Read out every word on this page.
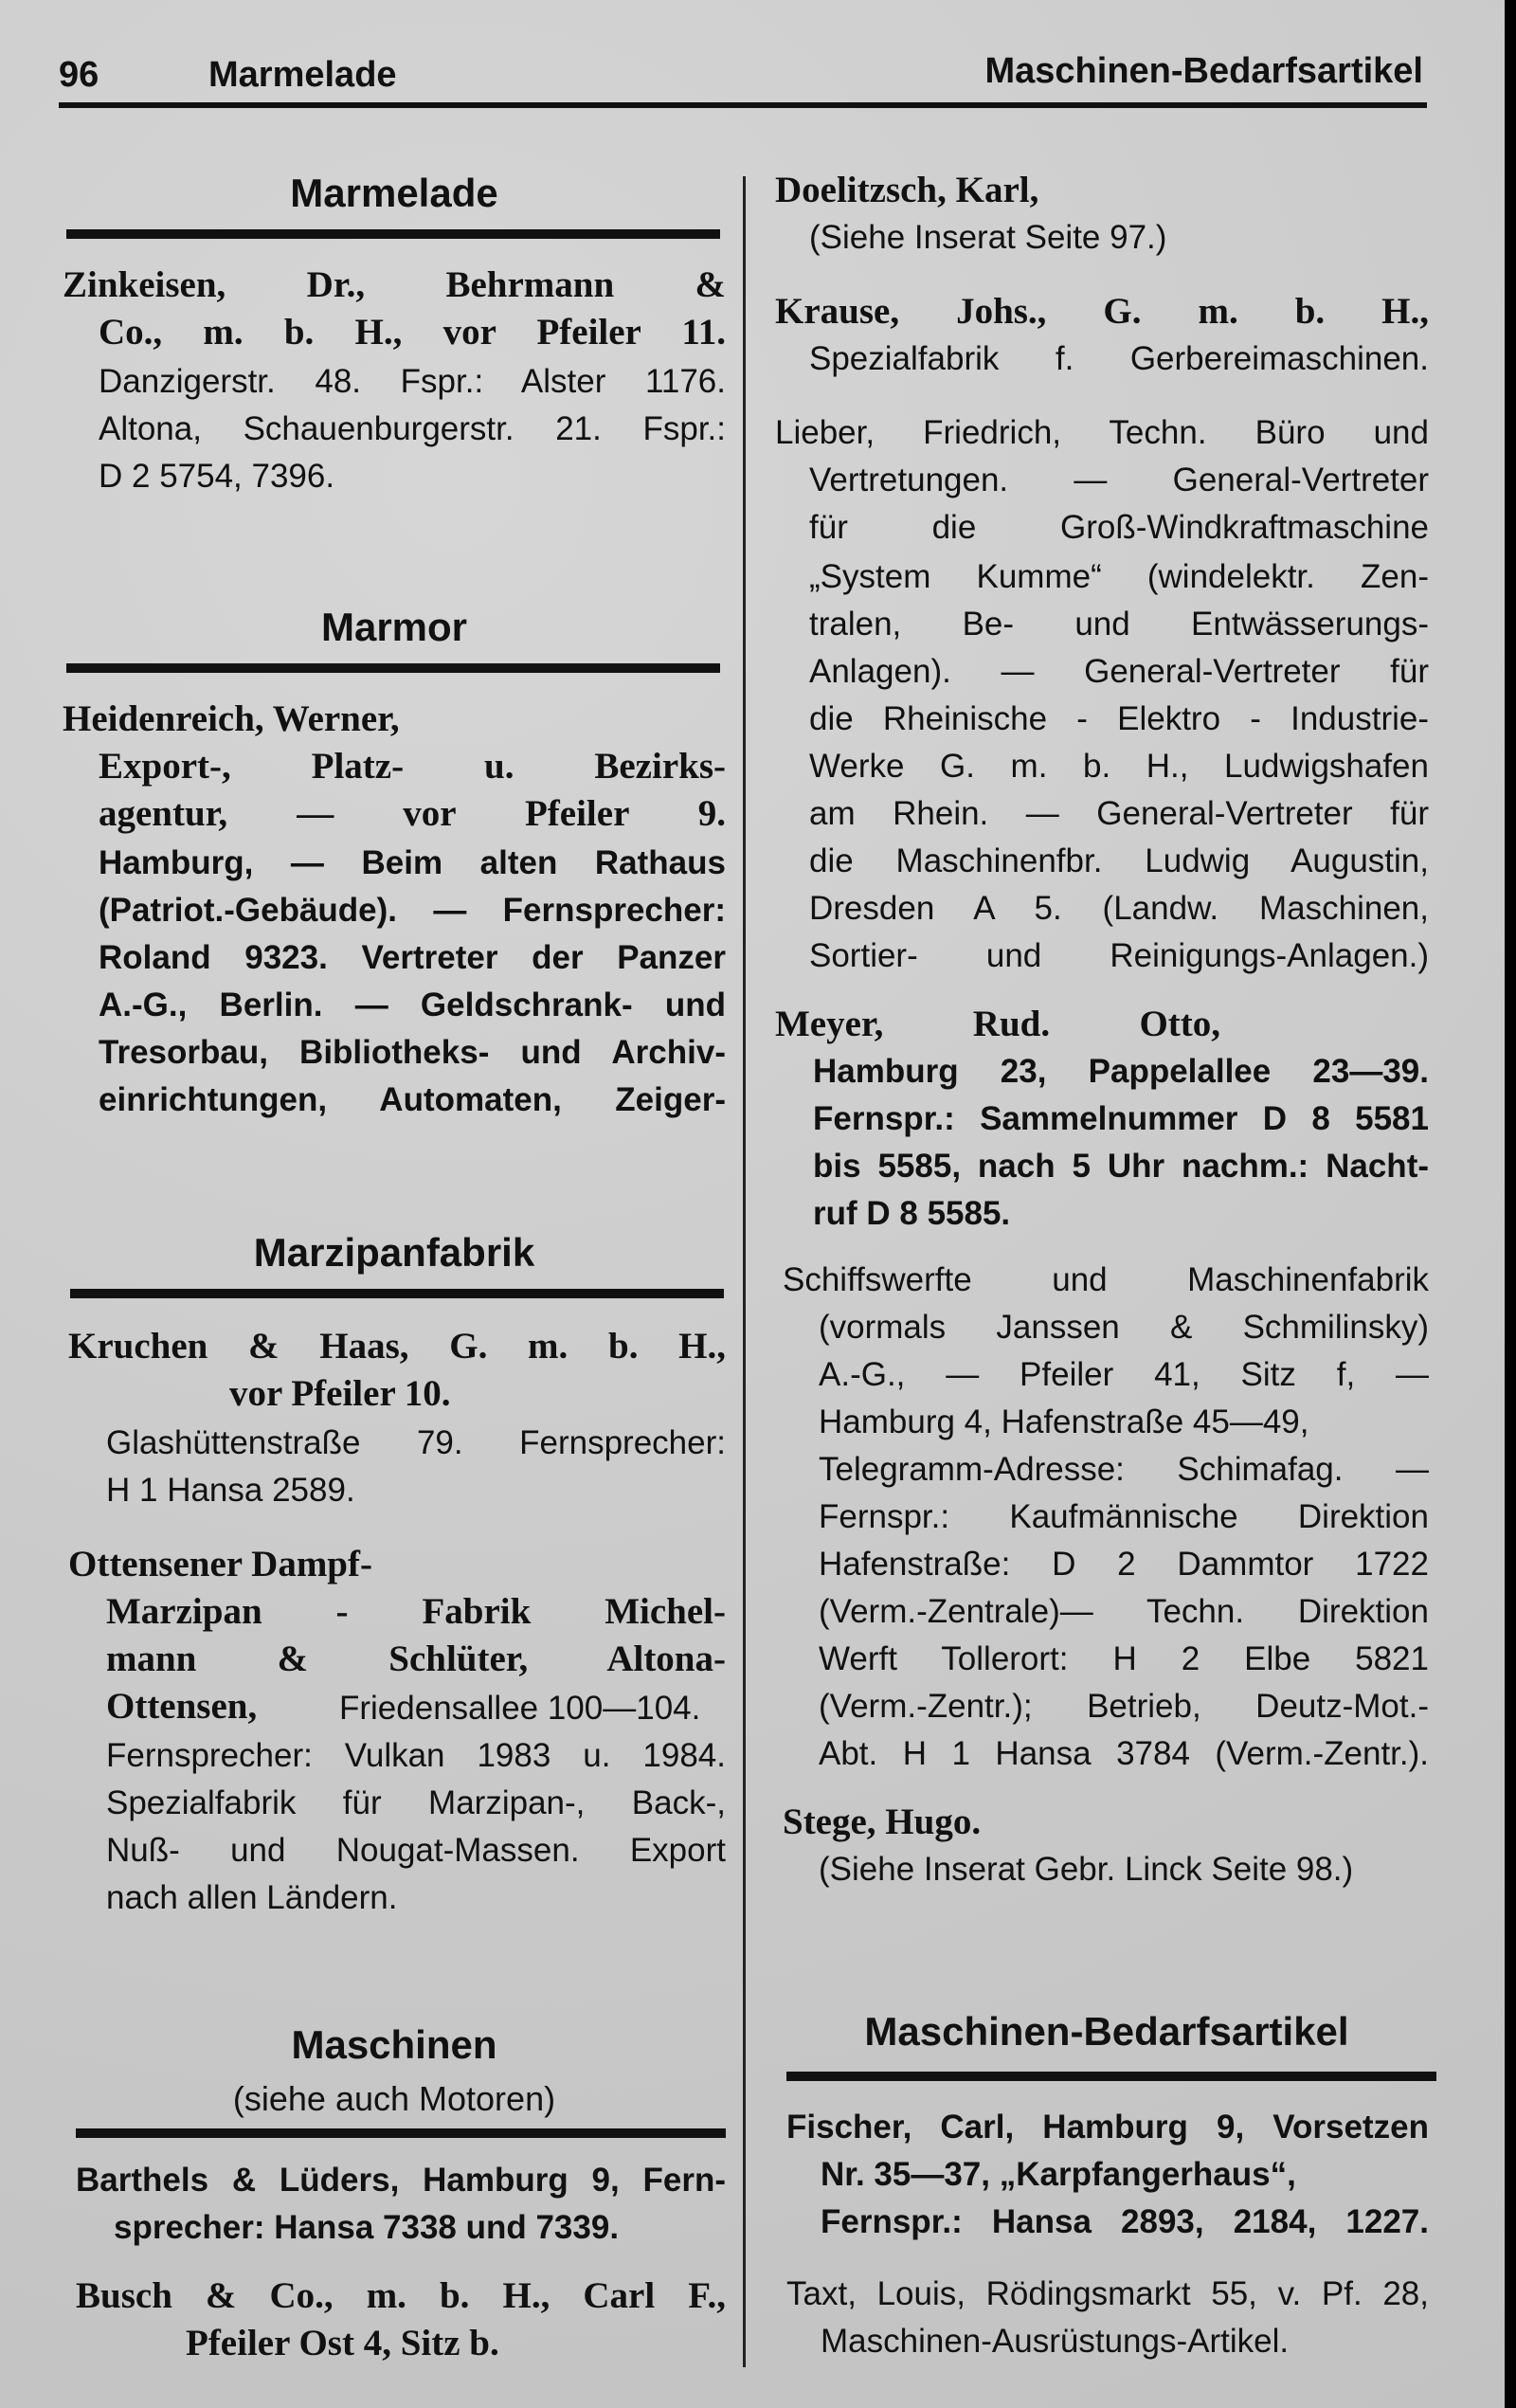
96	Marmelade	Maschinen-Bedarfsartikel
Marmelade
Zinkeisen, Dr., Behrmann &
Co., m. b. H., vor Pfeiler 11.
Danzigerstr. 48. Fspr.: Alster 1176.
Altona, Schauenburgerstr. 21. Fspr.:
D 2 5754, 7396.
Marmor
Heidenreich, Werner,
Export-, Platz- u. Bezirks-
agentur, — vor Pfeiler 9.
Hamburg, — Beim alten Rathaus
(Patriot.-Gebäude). — Fernsprecher:
Roland 9323. Vertreter der Panzer
A.-G., Berlin. — Geldschrank- und
Tresorbau, Bibliotheks- und Archiv-
einrichtungen, Automaten, Zeiger-
Marzipanfabrik
Kruchen & Haas, G. m. b. H.,
vor Pfeiler 10.
Glashüttenstraße 79. Fernsprecher:
H 1 Hansa 2589.
Ottensener Dampf-
Marzipan - Fabrik Michel-
mann & Schlüter, Altona-
Ottensen, Friedensallee 100—104.
Fernsprecher: Vulkan 1983 u. 1984.
Spezialfabrik für Marzipan-, Back-,
Nuß- und Nougat-Massen. Export
nach allen Ländern.
Maschinen
(siehe auch Motoren)
Barthels & Lüders, Hamburg 9, Fern-
sprecher: Hansa 7338 und 7339.
Busch & Co., m. b. H., Carl F.,
Pfeiler Ost 4, Sitz b.
Doelitzsch, Karl,
(Siehe Inserat Seite 97.)
Krause, Johs., G. m. b. H.,
Spezialfabrik f. Gerbereimaschinen.
Lieber, Friedrich, Techn. Büro und
Vertretungen. — General-Vertreter
für die Groß-Windkraftmaschine
„System Kumme“ (windelektr. Zen-
tralen, Be- und Entwässerungs-
Anlagen). — General-Vertreter für
die Rheinische - Elektro - Industrie-
Werke G. m. b. H., Ludwigshafen
am Rhein. — General-Vertreter für
die Maschinenfbr. Ludwig Augustin,
Dresden A 5. (Landw. Maschinen,
Sortier- und Reinigungs-Anlagen.)
Meyer, Rud. Otto,
Hamburg 23, Pappelallee 23—39.
Fernspr.: Sammelnummer D 8 5581
bis 5585, nach 5 Uhr nachm.: Nacht-
ruf D 8 5585.
Schiffswerfte und Maschinenfabrik
(vormals Janssen & Schmilinsky)
A.-G., — Pfeiler 41, Sitz f, —
Hamburg 4, Hafenstraße 45—49,
Telegramm-Adresse: Schimafag. —
Fernspr.: Kaufmännische Direktion
Hafenstraße: D 2 Dammtor 1722
(Verm.-Zentrale)— Techn. Direktion
Werft Tollerort: H 2 Elbe 5821
(Verm.-Zentr.); Betrieb, Deutz-Mot.-
Abt. H 1 Hansa 3784 (Verm.-Zentr.).
Stege, Hugo.
(Siehe Inserat Gebr. Linck Seite 98.)
Maschinen-Bedarfsartikel
Fischer, Carl, Hamburg 9, Vorsetzen
Nr. 35—37, „Karpfangerhaus“,
Fernspr.: Hansa 2893, 2184, 1227.
Taxt, Louis, Rödingsmarkt 55, v. Pf. 28,
Maschinen-Ausrüstungs-Artikel.
